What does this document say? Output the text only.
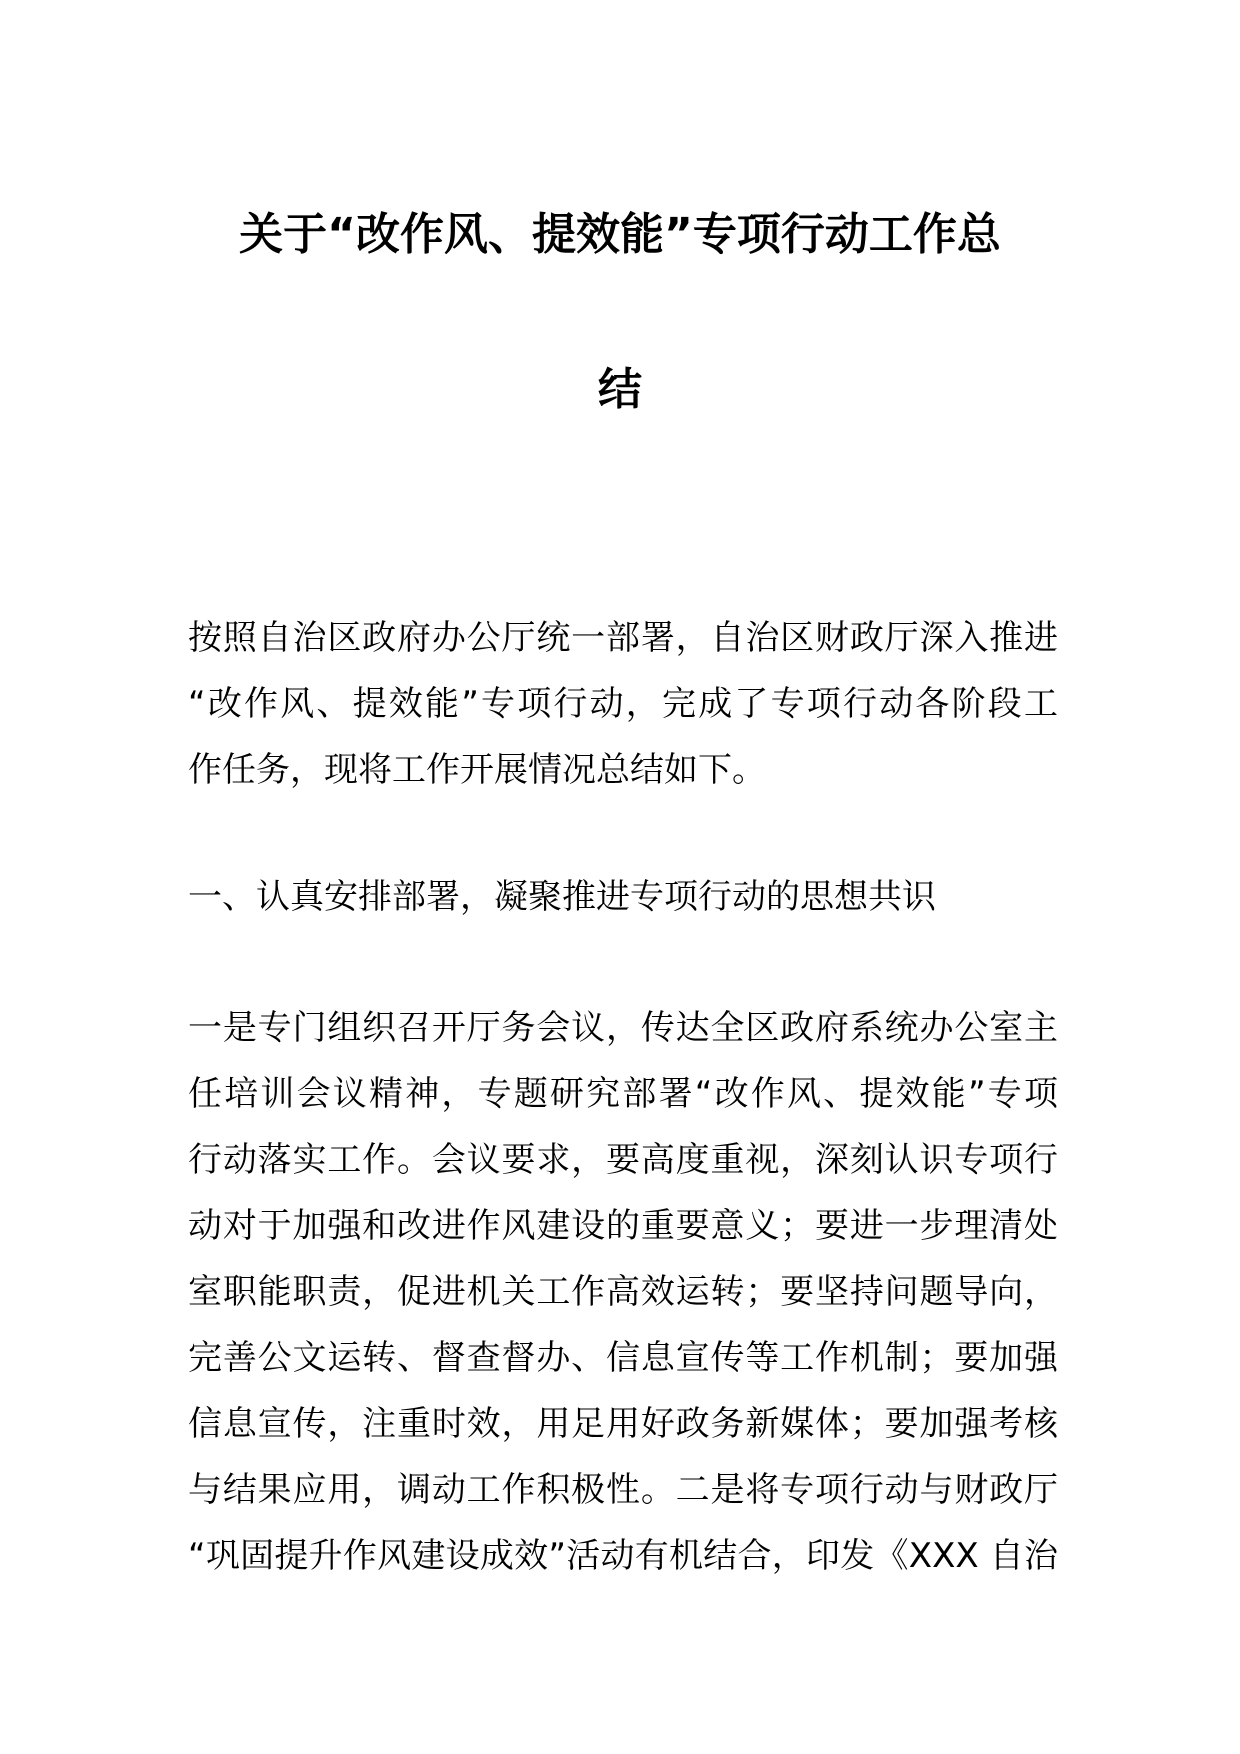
关于“改作风、提效能”专项行动工作总
结
按照自治区政府办公厅统一部署，自治区财政厅深入推进
“改作风、提效能”专项行动，完成了专项行动各阶段工
作任务，现将工作开展情况总结如下。
一、认真安排部署，凝聚推进专项行动的思想共识
一是专门组织召开厅务会议，传达全区政府系统办公室主
任培训会议精神，专题研究部署“改作风、提效能”专项
行动落实工作。会议要求，要高度重视，深刻认识专项行
动对于加强和改进作风建设的重要意义；要进一步理清处
室职能职责，促进机关工作高效运转；要坚持问题导向，
完善公文运转、督查督办、信息宣传等工作机制；要加强
信息宣传，注重时效，用足用好政务新媒体；要加强考核
与结果应用，调动工作积极性。二是将专项行动与财政厅
“巩固提升作风建设成效”活动有机结合，印发《XXX 自治
